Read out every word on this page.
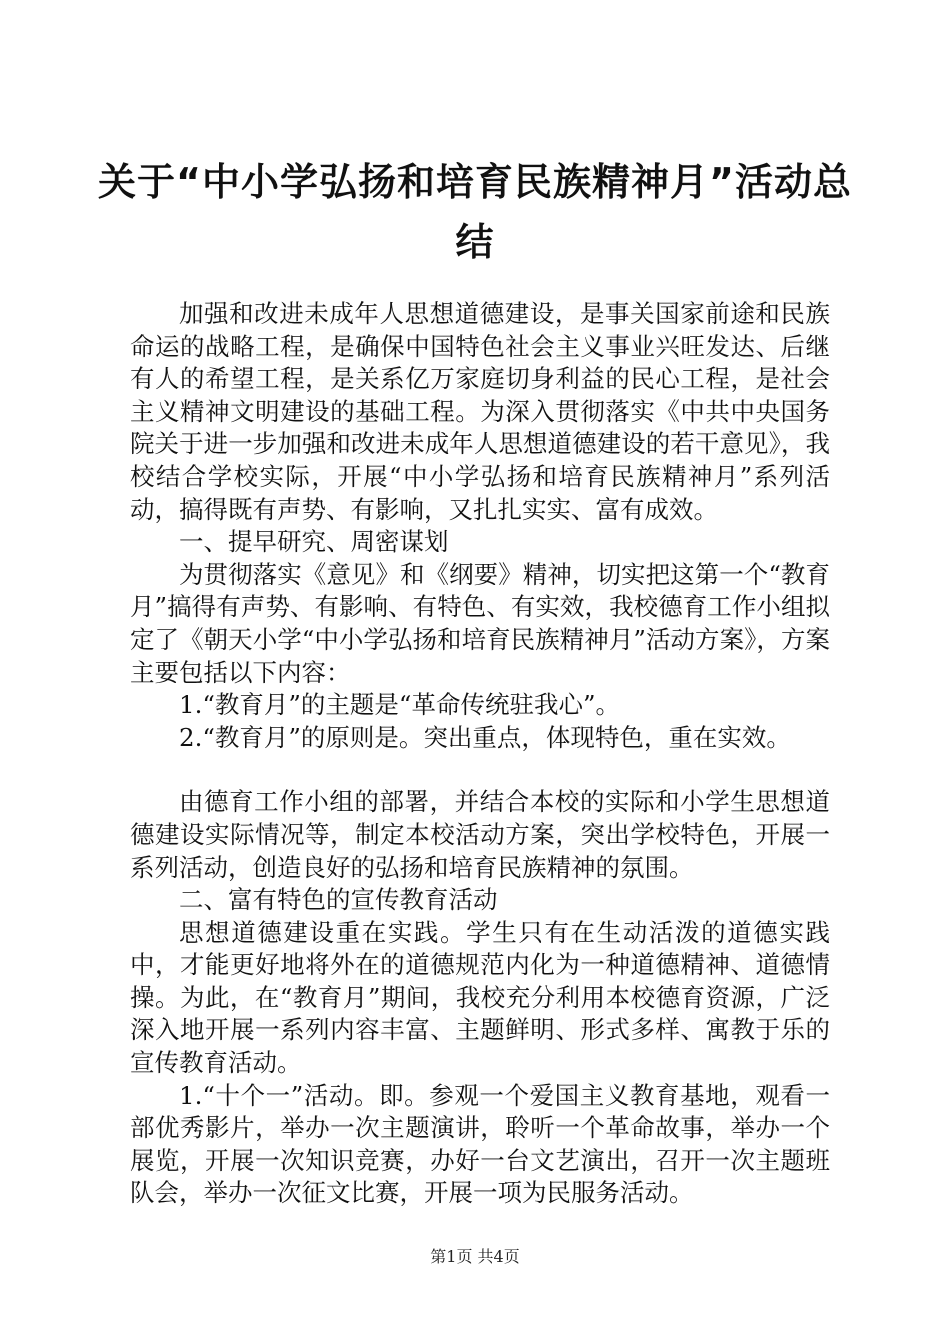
关于“中小学弘扬和培育民族精神月”活动总
结

加强和改进未成年人思想道德建设，是事关国家前途和民族命运的战略工程，是确保中国特色社会主义事业兴旺发达、后继有人的希望工程，是关系亿万家庭切身利益的民心工程，是社会主义精神文明建设的基础工程。为深入贯彻落实《中共中央国务院关于进一步加强和改进未成年人思想道德建设的若干意见》，我校结合学校实际，开展“中小学弘扬和培育民族精神月”系列活动，搞得既有声势、有影响，又扎扎实实、富有成效。

一、提早研究、周密谋划

为贯彻落实《意见》和《纲要》精神，切实把这第一个“教育月”搞得有声势、有影响、有特色、有实效，我校德育工作小组拟定了《朝天小学“中小学弘扬和培育民族精神月”活动方案》，方案主要包括以下内容：

1.“教育月”的主题是“革命传统驻我心”。

2.“教育月”的原则是。突出重点，体现特色，重在实效。

由德育工作小组的部署，并结合本校的实际和小学生思想道德建设实际情况等，制定本校活动方案，突出学校特色，开展一系列活动，创造良好的弘扬和培育民族精神的氛围。

二、富有特色的宣传教育活动

思想道德建设重在实践。学生只有在生动活泼的道德实践中，才能更好地将外在的道德规范内化为一种道德精神、道德情操。为此，在“教育月”期间，我校充分利用本校德育资源，广泛深入地开展一系列内容丰富、主题鲜明、形式多样、寓教于乐的宣传教育活动。

1.“十个一”活动。即。参观一个爱国主义教育基地，观看一部优秀影片，举办一次主题演讲，聆听一个革命故事，举办一个展览，开展一次知识竞赛，办好一台文艺演出，召开一次主题班队会，举办一次征文比赛，开展一项为民服务活动。

第1页 共4页
